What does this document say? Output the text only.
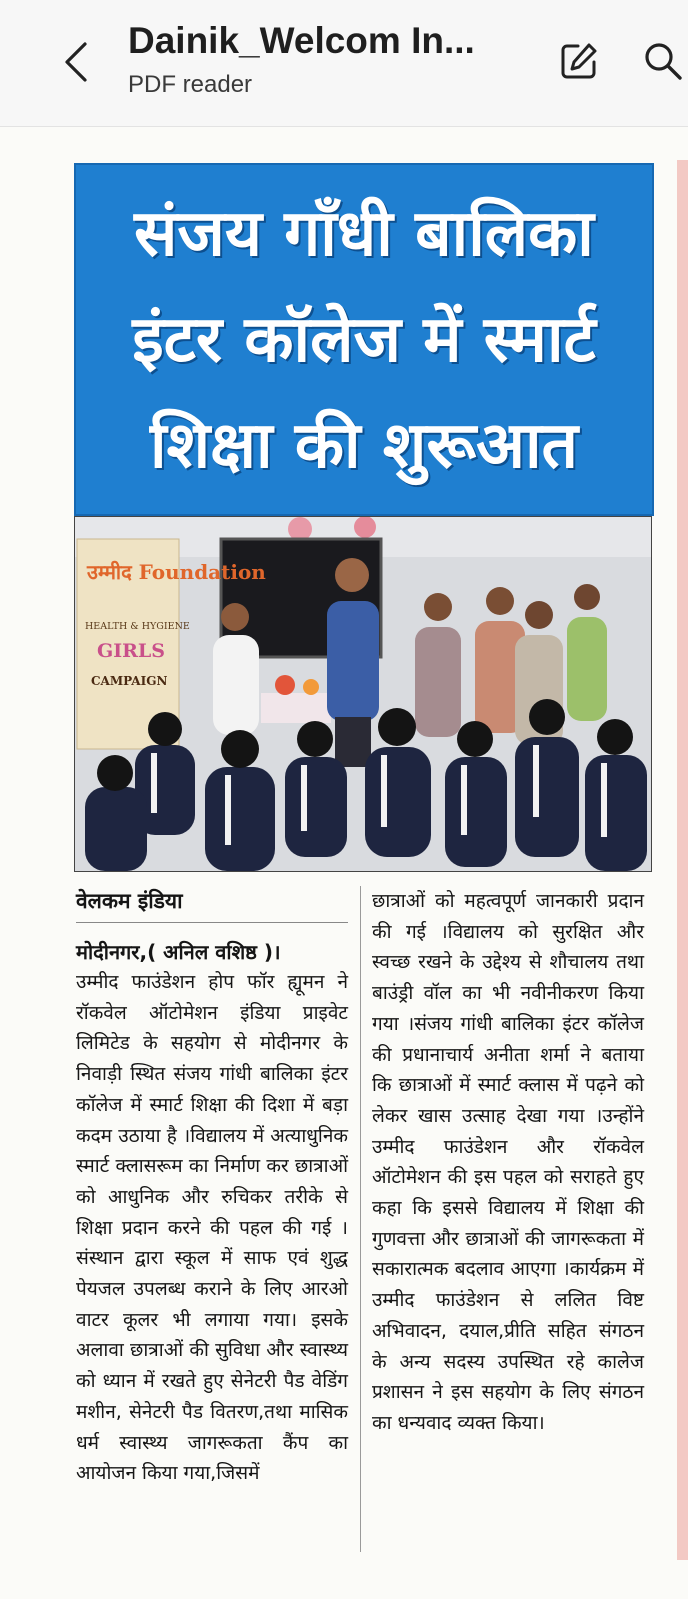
Dainik_Welcom In...
PDF reader
संजय गाँधी बालिका
इंटर कॉलेज में स्मार्ट
शिक्षा की शुरूआत
उम्मीद Foundation
HEALTH & HYGIENE
GIRLS
CAMPAIGN
वेलकम इंडिया
मोदीनगर,( अनिल वशिष्ठ )।

उम्मीद फाउंडेशन होप फॉर ह्यूमन ने रॉकवेल ऑटोमेशन इंडिया प्राइवेट लिमिटेड के सहयोग से मोदीनगर के निवाड़ी स्थित संजय गांधी बालिका इंटर कॉलेज में स्मार्ट शिक्षा की दिशा में बड़ा कदम उठाया है ।विद्यालय में अत्याधुनिक स्मार्ट क्लासरूम का निर्माण कर छात्राओं को आधुनिक और रुचिकर तरीके से शिक्षा प्रदान करने की पहल की गई ।संस्थान द्वारा स्कूल में साफ एवं शुद्ध पेयजल उपलब्ध कराने के लिए आरओ वाटर कूलर भी लगाया गया। इसके अलावा छात्राओं की सुविधा और स्वास्थ्य को ध्यान में रखते हुए सेनेटरी पैड वेडिंग मशीन, सेनेटरी पैड वितरण,तथा मासिक धर्म स्वास्थ्य जागरूकता कैंप का आयोजन किया गया,जिसमें

छात्राओं को महत्वपूर्ण जानकारी प्रदान की गई ।विद्यालय को सुरक्षित और स्वच्छ रखने के उद्देश्य से शौचालय तथा बाउंड्री वॉल का भी नवीनीकरण किया गया ।संजय गांधी बालिका इंटर कॉलेज की प्रधानाचार्य अनीता शर्मा ने बताया कि छात्राओं में स्मार्ट क्लास में पढ़ने को लेकर खास उत्साह देखा गया ।उन्होंने उम्मीद फाउंडेशन और रॉकवेल ऑटोमेशन की इस पहल को सराहते हुए कहा कि इससे विद्यालय में शिक्षा की गुणवत्ता और छात्राओं की जागरूकता में सकारात्मक बदलाव आएगा ।कार्यक्रम में उम्मीद फाउंडेशन से ललित विष्ट अभिवादन, दयाल,प्रीति सहित संगठन के अन्य सदस्य उपस्थित रहे कालेज प्रशासन ने इस सहयोग के लिए संगठन का धन्यवाद व्यक्त किया।
